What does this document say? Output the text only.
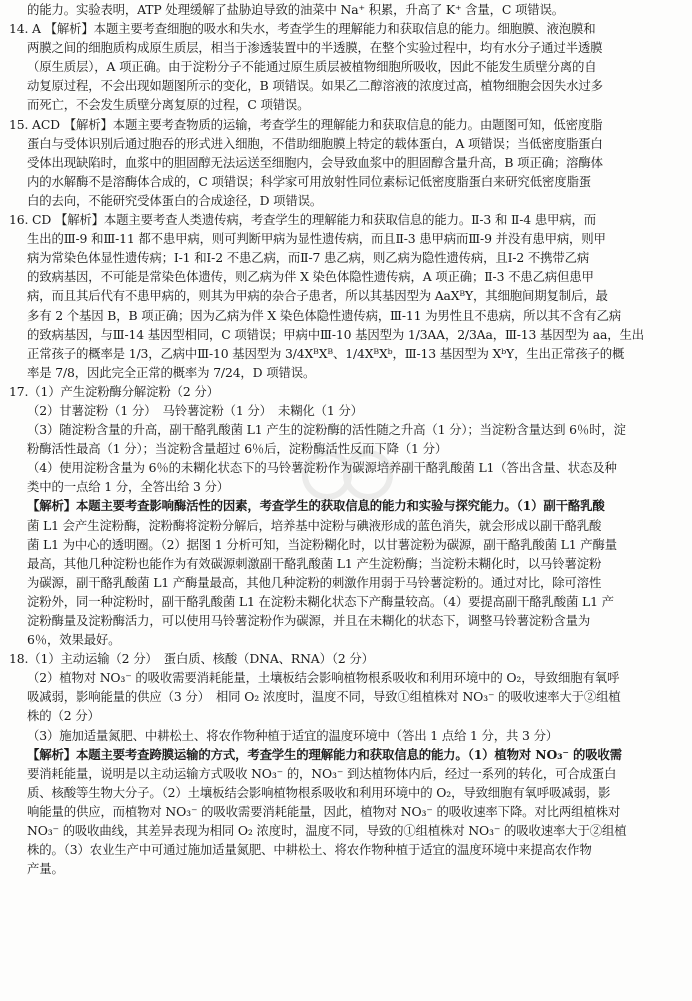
的能力。实验表明，ATP 处理缓解了盐胁迫导致的油菜中 Na⁺ 积累，升高了 K⁺ 含量，C 项错误。
14. A 【解析】本题主要考查细胞的吸水和失水，考查学生的理解能力和获取信息的能力。细胞膜、液泡膜和
两膜之间的细胞质构成原生质层，相当于渗透装置中的半透膜，在整个实验过程中，均有水分子通过半透膜
（原生质层），A 项正确。由于淀粉分子不能通过原生质层被植物细胞所吸收，因此不能发生质壁分离的自
动复原过程，不会出现如题图所示的变化，B 项错误。如果乙二醇溶液的浓度过高，植物细胞会因失水过多
而死亡，不会发生质壁分离复原的过程，C 项错误。
15. ACD 【解析】本题主要考查物质的运输，考查学生的理解能力和获取信息的能力。由题图可知，低密度脂
蛋白与受体识别后通过胞吞的形式进入细胞，不借助细胞膜上特定的载体蛋白，A 项错误；当低密度脂蛋白
受体出现缺陷时，血浆中的胆固醇无法运送至细胞内，会导致血浆中的胆固醇含量升高，B 项正确；溶酶体
内的水解酶不是溶酶体合成的，C 项错误；科学家可用放射性同位素标记低密度脂蛋白来研究低密度脂蛋
白的去向，不能研究受体蛋白的合成途径，D 项错误。
16. CD 【解析】本题主要考查人类遗传病，考查学生的理解能力和获取信息的能力。Ⅱ-3 和 Ⅱ-4 患甲病，而
生出的Ⅲ-9 和Ⅲ-11 都不患甲病，则可判断甲病为显性遗传病，而且Ⅱ-3 患甲病而Ⅲ-9 并没有患甲病，则甲
病为常染色体显性遗传病；Ⅰ-1 和Ⅰ-2 不患乙病，而Ⅱ-7 患乙病，则乙病为隐性遗传病，且Ⅰ-2 不携带乙病
的致病基因，不可能是常染色体遗传，则乙病为伴 X 染色体隐性遗传病，A 项正确；Ⅱ-3 不患乙病但患甲
病，而且其后代有不患甲病的，则其为甲病的杂合子患者，所以其基因型为 AaXᴮY，其细胞间期复制后，最
多有 2 个基因 B，B 项正确；因为乙病为伴 X 染色体隐性遗传病，Ⅲ-11 为男性且不患病，所以其不含有乙病
的致病基因，与Ⅲ-14 基因型相同，C 项错误；甲病中Ⅲ-10 基因型为 1/3AA，2/3Aa，Ⅲ-13 基因型为 aa，生出
正常孩子的概率是 1/3，乙病中Ⅲ-10 基因型为 3/4XᴮXᴮ、1/4XᴮXᵇ，Ⅲ-13 基因型为 XᵇY，生出正常孩子的概
率是 7/8，因此完全正常的概率为 7/24，D 项错误。
17.（1）产生淀粉酶分解淀粉（2 分）
（2）甘薯淀粉（1 分）　马铃薯淀粉（1 分）　未糊化（1 分）
（3）随淀粉含量的升高，副干酪乳酸菌 L1 产生的淀粉酶的活性随之升高（1 分）；当淀粉含量达到 6％时，淀
粉酶活性最高（1 分）；当淀粉含量超过 6％后，淀粉酶活性反而下降（1 分）
（4）使用淀粉含量为 6％的未糊化状态下的马铃薯淀粉作为碳源培养副干酪乳酸菌 L1（答出含量、状态及种
类中的一点给 1 分，全答出给 3 分）
【解析】本题主要考查影响酶活性的因素，考查学生的获取信息的能力和实验与探究能力。（1）副干酪乳酸
菌 L1 会产生淀粉酶，淀粉酶将淀粉分解后，培养基中淀粉与碘液形成的蓝色消失，就会形成以副干酪乳酸
菌 L1 为中心的透明圈。（2）据图 1 分析可知，当淀粉糊化时，以甘薯淀粉为碳源，副干酪乳酸菌 L1 产酶量
最高，其他几种淀粉也能作为有效碳源刺激副干酪乳酸菌 L1 产生淀粉酶；当淀粉未糊化时，以马铃薯淀粉
为碳源，副干酪乳酸菌 L1 产酶量最高，其他几种淀粉的刺激作用弱于马铃薯淀粉的。通过对比，除可溶性
淀粉外，同一种淀粉时，副干酪乳酸菌 L1 在淀粉未糊化状态下产酶量较高。（4）要提高副干酪乳酸菌 L1 产
淀粉酶量及淀粉酶活力，可以使用马铃薯淀粉作为碳源，并且在未糊化的状态下，调整马铃薯淀粉含量为
6％，效果最好。
18.（1）主动运输（2 分）　蛋白质、核酸（DNA、RNA）（2 分）
（2）植物对 NO₃⁻ 的吸收需要消耗能量，土壤板结会影响植物根系吸收和利用环境中的 O₂，导致细胞有氧呼
吸减弱，影响能量的供应（3 分）　相同 O₂ 浓度时，温度不同，导致①组植株对 NO₃⁻ 的吸收速率大于②组植
株的（2 分）
（3）施加适量氮肥、中耕松土、将农作物种植于适宜的温度环境中（答出 1 点给 1 分，共 3 分）
【解析】本题主要考查跨膜运输的方式，考查学生的理解能力和获取信息的能力。（1）植物对 NO₃⁻ 的吸收需
要消耗能量，说明是以主动运输方式吸收 NO₃⁻ 的，NO₃⁻ 到达植物体内后，经过一系列的转化，可合成蛋白
质、核酸等生物大分子。（2）土壤板结会影响植物根系吸收和利用环境中的 O₂，导致细胞有氧呼吸减弱，影
响能量的供应，而植物对 NO₃⁻ 的吸收需要消耗能量，因此，植物对 NO₃⁻ 的吸收速率下降。对比两组植株对
NO₃⁻ 的吸收曲线，其差异表现为相同 O₂ 浓度时，温度不同，导致的①组植株对 NO₃⁻ 的吸收速率大于②组植
株的。（3）农业生产中可通过施加适量氮肥、中耕松土、将农作物种植于适宜的温度环境中来提高农作物
产量。
